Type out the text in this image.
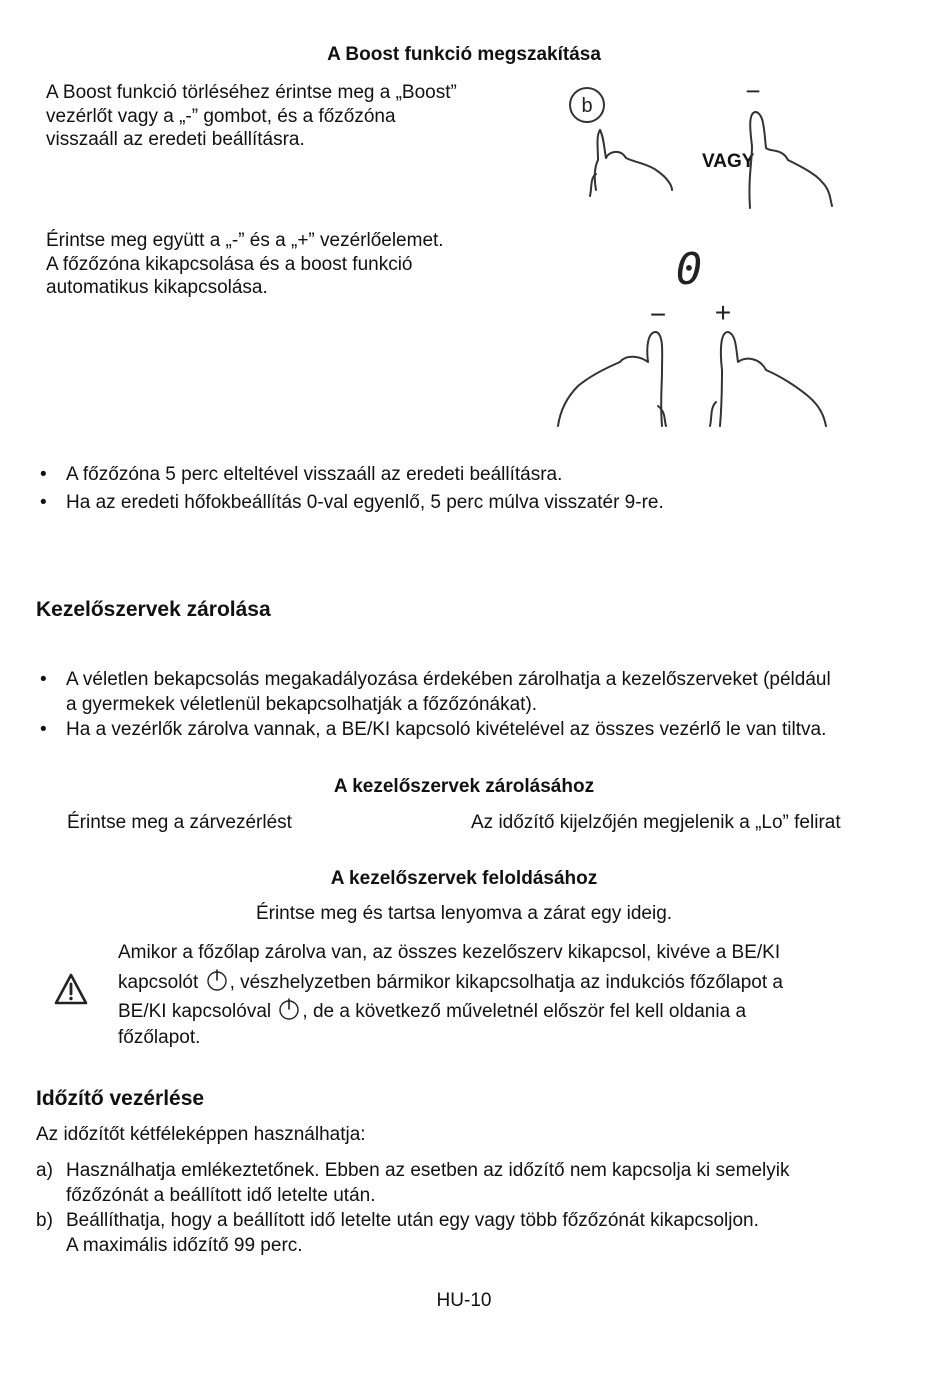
A Boost funkció megszakítása
A Boost funkció törléséhez érintse meg a „Boost”
vezérlőt vagy a „-” gombot, és a főzőzóna
visszaáll az eredeti beállításra.
b
VAGY
−
Érintse meg együtt a „-” és a „+” vezérlőelemet.
A főzőzóna kikapcsolása és a boost funkció
automatikus kikapcsolása.	0
− +
• A főzőzóna 5 perc elteltével visszaáll az eredeti beállításra.
• Ha az eredeti hőfokbeállítás 0-val egyenlő, 5 perc múlva visszatér 9-re.
Kezelőszervek zárolása
• A véletlen bekapcsolás megakadályozása érdekében zárolhatja a kezelőszerveket (például
a gyermekek véletlenül bekapcsolhatják a főzőzónákat).
• Ha a vezérlők zárolva vannak, a BE/KI kapcsoló kivételével az összes vezérlő le van tiltva.
A kezelőszervek zárolásához
Érintse meg a zárvezérlést	Az időzítő kijelzőjén megjelenik a „Lo” felirat
A kezelőszervek feloldásához
Érintse meg és tartsa lenyomva a zárat egy ideig.
Amikor a főzőlap zárolva van, az összes kezelőszerv kikapcsol, kivéve a BE/KI
kapcsolót , vészhelyzetben bármikor kikapcsolhatja az indukciós főzőlapot a
BE/KI kapcsolóval , de a következő műveletnél először fel kell oldania a
főzőlapot.
Időzítő vezérlése
Az időzítőt kétféleképpen használhatja:
a) Használhatja emlékeztetőnek. Ebben az esetben az időzítő nem kapcsolja ki semelyik
főzőzónát a beállított idő letelte után.
b) Beállíthatja, hogy a beállított idő letelte után egy vagy több főzőzónát kikapcsoljon.
A maximális időzítő 99 perc.
HU-10
